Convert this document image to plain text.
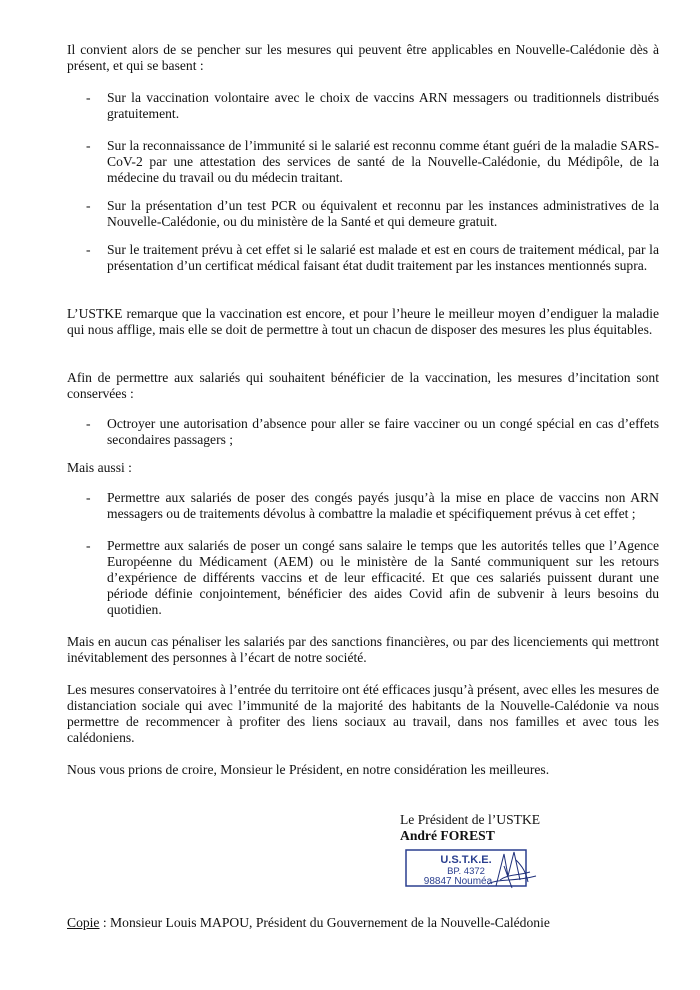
Il convient alors de se pencher sur les mesures qui peuvent être applicables en Nouvelle-Calédonie dès à présent, et qui se basent :

- Sur la vaccination volontaire avec le choix de vaccins ARN messagers ou traditionnels distribués gratuitement.
- Sur la reconnaissance de l’immunité si le salarié est reconnu comme étant guéri de la maladie SARS-CoV-2 par une attestation des services de santé de la Nouvelle-Calédonie, du Médipôle, de la médecine du travail ou du médecin traitant.
- Sur la présentation d’un test PCR ou équivalent et reconnu par les instances administratives de la Nouvelle-Calédonie, ou du ministère de la Santé et qui demeure gratuit.
- Sur le traitement prévu à cet effet si le salarié est malade et est en cours de traitement médical, par la présentation d’un certificat médical faisant état dudit traitement par les instances mentionnés supra.

L’USTKE remarque que la vaccination est encore, et pour l’heure le meilleur moyen d’endiguer la maladie qui nous afflige, mais elle se doit de permettre à tout un chacun de disposer des mesures les plus équitables.

Afin de permettre aux salariés qui souhaitent bénéficier de la vaccination, les mesures d’incitation sont conservées :

- Octroyer une autorisation d’absence pour aller se faire vacciner ou un congé spécial en cas d’effets secondaires passagers ;

Mais aussi :

- Permettre aux salariés de poser des congés payés jusqu’à la mise en place de vaccins non ARN messagers ou de traitements dévolus à combattre la maladie et spécifiquement prévus à cet effet ;
- Permettre aux salariés de poser un congé sans salaire le temps que les autorités telles que l’Agence Européenne du Médicament (AEM) ou le ministère de la Santé communiquent sur les retours d’expérience de différents vaccins et de leur efficacité. Et que ces salariés puissent durant une période définie conjointement, bénéficier des aides Covid afin de subvenir à leurs besoins du quotidien.

Mais en aucun cas pénaliser les salariés par des sanctions financières, ou par des licenciements qui mettront inévitablement des personnes à l’écart de notre société.

Les mesures conservatoires à l’entrée du territoire ont été efficaces jusqu’à présent, avec elles les mesures de distanciation sociale qui avec l’immunité de la majorité des habitants de la Nouvelle-Calédonie va nous permettre de recommencer à profiter des liens sociaux au travail, dans nos familles et avec tous les calédoniens.

Nous vous prions de croire, Monsieur le Président, en notre considération les meilleures.

Le Président de l’USTKE
André FOREST
U.S.T.K.E.
BP. 4372
98847 Nouméa
Copie : Monsieur Louis MAPOU, Président du Gouvernement de la Nouvelle-Calédonie
